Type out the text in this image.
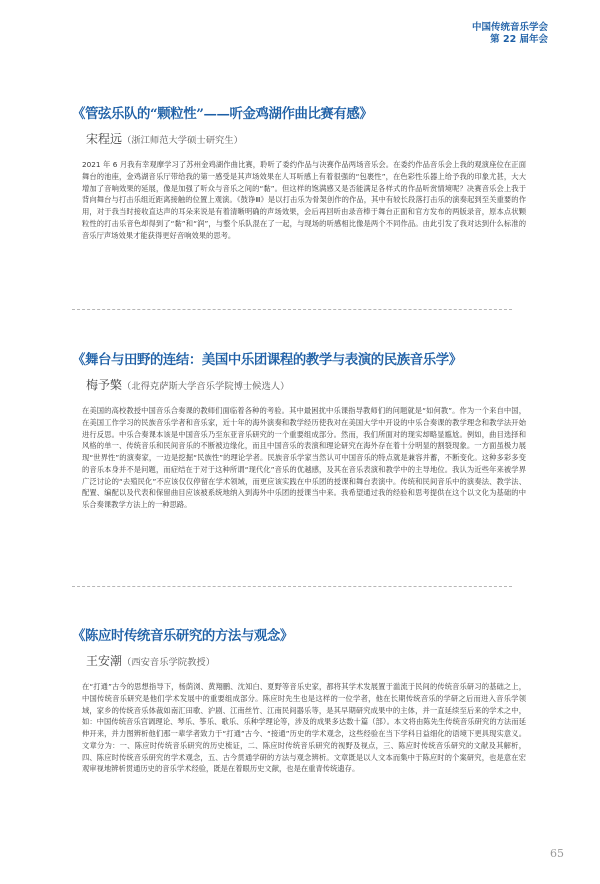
中国传统音乐学会
第 22 届年会
《管弦乐队的“颗粒性”——听金鸡湖作曲比赛有感》
宋程远（浙江师范大学硕士研究生）

2021 年 6 月我有幸观摩学习了苏州金鸡湖作曲比赛，聆听了委约作品与决赛作品两场音乐会。在委约作品音乐会上我的观演座位在正面舞台的池座，金鸡湖音乐厅带给我的第一感受是其声场效果在人耳听感上有着很强的“包裹性”，在色彩性乐器上给予我的印象尤甚，大大增加了音响效果的延展，像是加强了听众与音乐之间的“黏”。但这样的饱满感又是否能满足各样式的作品听赏情境呢？决赛音乐会上我于背向舞台与打击乐组近距离接触的位置上观演。《鼓诤Ⅲ》是以打击乐为骨架创作的作品，其中有较长段落打击乐的演奏起到至关重要的作用，对于我当时接收直达声的耳朵来说是有着清晰明确的声场效果，会后再回听由录音棒于舞台正面和官方发布的两版录音，原本点状颗粒性的打击乐音色却得到了“黏”和“润”，与整个乐队混在了一起，与现场的听感相比像是两个不同作品。由此引发了我对达到什么标准的音乐厅声场效果才能获得更好音响效果的思考。

《舞台与田野的连结：美国中乐团课程的教学与表演的民族音乐学》
梅予檠（北得克萨斯大学音乐学院博士候选人）

在美国的高校教授中国音乐合奏课的教师们面临着各种的考验。其中最困扰中乐课指导教师们的问题就是“如何教”。作为一个来自中国，在美国工作学习的民族音乐学者和音乐家，近十年的海外演奏和教学经历使我对在美国大学中开设的中乐合奏课的教学理念和教学法开始进行反思。中乐合奏课本该是中国音乐乃至东亚音乐研究的一个重要组成部分。然而，我们所面对的现实却略显尴尬。例如，曲目选择和风格的单一、传统音乐和民间音乐的不断被边缘化，而且中国音乐的表演和理论研究在海外存在着十分明显的割裂现象。一方面虽极力展现“世界性”的演奏家，一边是挖掘“民族性”的理论学者。民族音乐学家当然认可中国音乐的特点就是兼容并蓄，不断变化。这种多彩多变的音乐本身并不是问题，而症结在于对于这种所谓“现代化”音乐的优越感，及其在音乐表演和教学中的主导地位。我认为近些年来被学界广泛讨论的“去殖民化”不应该仅仅停留在学术领域，而更应该实践在中乐团的授课和舞台表演中。传统和民间音乐中的演奏法、教学法、配置、编配以及代表和保留曲目应该被系统地纳入到海外中乐团的授课当中来。我希望通过我的经验和思考提供在这个以文化为基础的中乐合奏课教学方法上的一种思路。

《陈应时传统音乐研究的方法与观念》
王安潮（西安音乐学院教授）

在“打通”古今的思想指导下，杨荫浏、黄翔鹏、沈知白、夏野等音乐史家，都将其学术发展置于滥流于民间的传统音乐研习的基础之上，中国传统音乐研究是他们学术发展中的重要组成部分。陈应时先生也是这样的一位学者，他在长期传统音乐的学研之后而进入音乐学领域，家乡的传统音乐体裁如南汇田歌、沪剧、江南丝竹、江南民间器乐等，是其早期研究成果中的主体，并一直延续至后来的学术之中，如：中国传统音乐宫调理论、琴乐、筝乐、歌乐、乐种学理论等，涉及的成果多达数十篇（部）。本文将由陈先生传统音乐研究的方法而延伸开来，并力图辨析他们那一辈学者致力于“打通”古今、“接通”历史的学术观念，这些经验在当下学科日益细化的语境下更具现实意义。文章分为：一、陈应时传统音乐研究的历史梳证，二、陈应时传统音乐研究的视野及视点，三、陈应时传统音乐研究的文献及其解析，四、陈应时传统音乐研究的学术观念，五、古今贯通学研的方法与观念辨析。文章既是以人文本而集中于陈应时的个案研究，也是意在宏观审视地辨析贯通历史的音乐学术经验，既是在着眼历史文献，也是在重青传统遗存。

65
